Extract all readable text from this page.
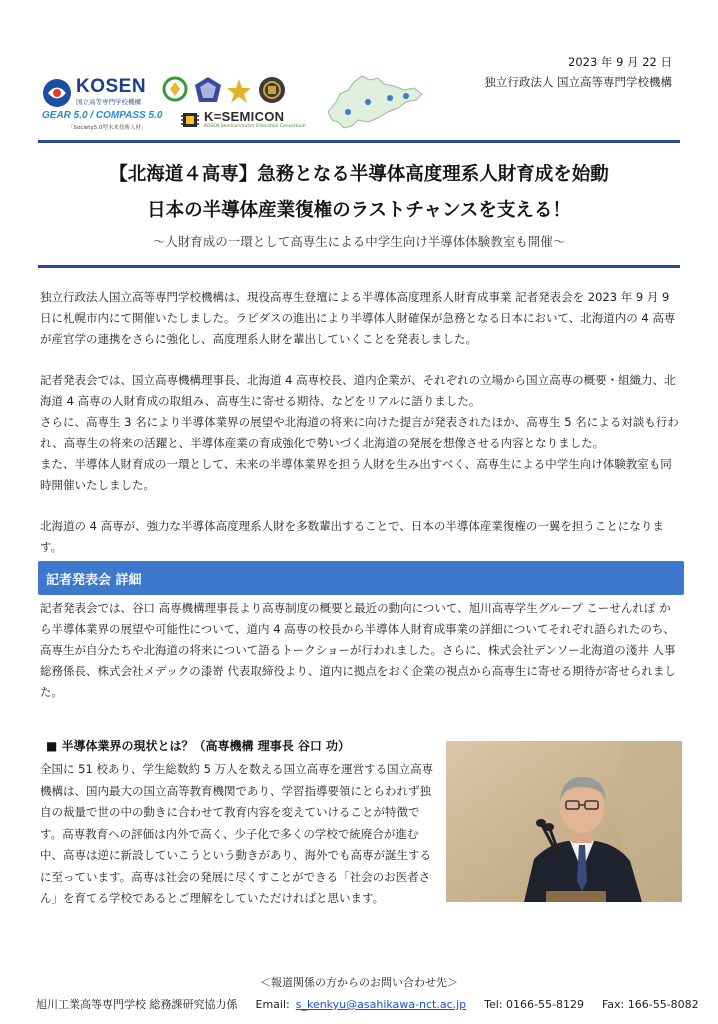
2023 年 9 月 22 日
独立行政法人 国立高等専門学校機構
KOSEN
国立高等専門学校機構
GEAR 5.0 / COMPASS 5.0
「Society5.0型未来技術人材」
K=SEMICON
KOSEN Semiconductor Education Consortium
【北海道４高専】急務となる半導体高度理系人財育成を始動
日本の半導体産業復権のラストチャンスを支える！
～人財育成の一環として高専生による中学生向け半導体体験教室も開催～
独立行政法人国立高等専門学校機構は、現役高専生登壇による半導体高度理系人財育成事業 記者発表会を 2023 年 9 月 9 日に札幌市内にて開催いたしました。ラピダスの進出により半導体人財確保が急務となる日本において、北海道内の 4 高専が産官学の連携をさらに強化し、高度理系人財を輩出していくことを発表しました。
記者発表会では、国立高専機構理事長、北海道 4 高専校長、道内企業が、それぞれの立場から国立高専の概要・組織力、北海道 4 高専の人財育成の取組み、高専生に寄せる期待、などをリアルに語りました。
さらに、高専生 3 名により半導体業界の展望や北海道の将来に向けた提言が発表されたほか、高専生 5 名による対談も行われ、高専生の将来の活躍と、半導体産業の育成強化で勢いづく北海道の発展を想像させる内容となりました。
また、半導体人財育成の一環として、未来の半導体業界を担う人財を生み出すべく、高専生による中学生向け体験教室も同時開催いたしました。
北海道の 4 高専が、強力な半導体高度理系人財を多数輩出することで、日本の半導体産業復権の一翼を担うことになります。
記者発表会 詳細
記者発表会では、谷口 高専機構理事長より高専制度の概要と最近の動向について、旭川高専学生グループ こーせんれぽ から半導体業界の展望や可能性について、道内 4 高専の校長から半導体人財育成事業の詳細についてそれぞれ語られたのち、高専生が自分たちや北海道の将来について語るトークショーが行われました。さらに、株式会社デンソー北海道の淺井 人事総務係長、株式会社メデックの漆嵜 代表取締役より、道内に拠点をおく企業の視点から高専生に寄せる期待が寄せられました。
■ 半導体業界の現状とは？（高専機構 理事長 谷口 功）
全国に 51 校あり、学生総数約 5 万人を数える国立高専を運営する国立高専機構は、国内最大の国立高等教育機関であり、学習指導要領にとらわれず独自の裁量で世の中の動きに合わせて教育内容を変えていけることが特徴です。高専教育への評価は内外で高く、少子化で多くの学校で統廃合が進む中、高専は逆に新設していこうという動きがあり、海外でも高専が誕生するに至っています。高専は社会の発展に尽くすことができる「社会のお医者さん」を育てる学校であるとご理解をしていただければと思います。
＜報道関係の方からのお問い合わせ先＞
旭川工業高等専門学校 総務課研究協力係 Email: s_kenkyu@asahikawa-nct.ac.jp Tel: 0166-55-8129 Fax: 166-55-8082
